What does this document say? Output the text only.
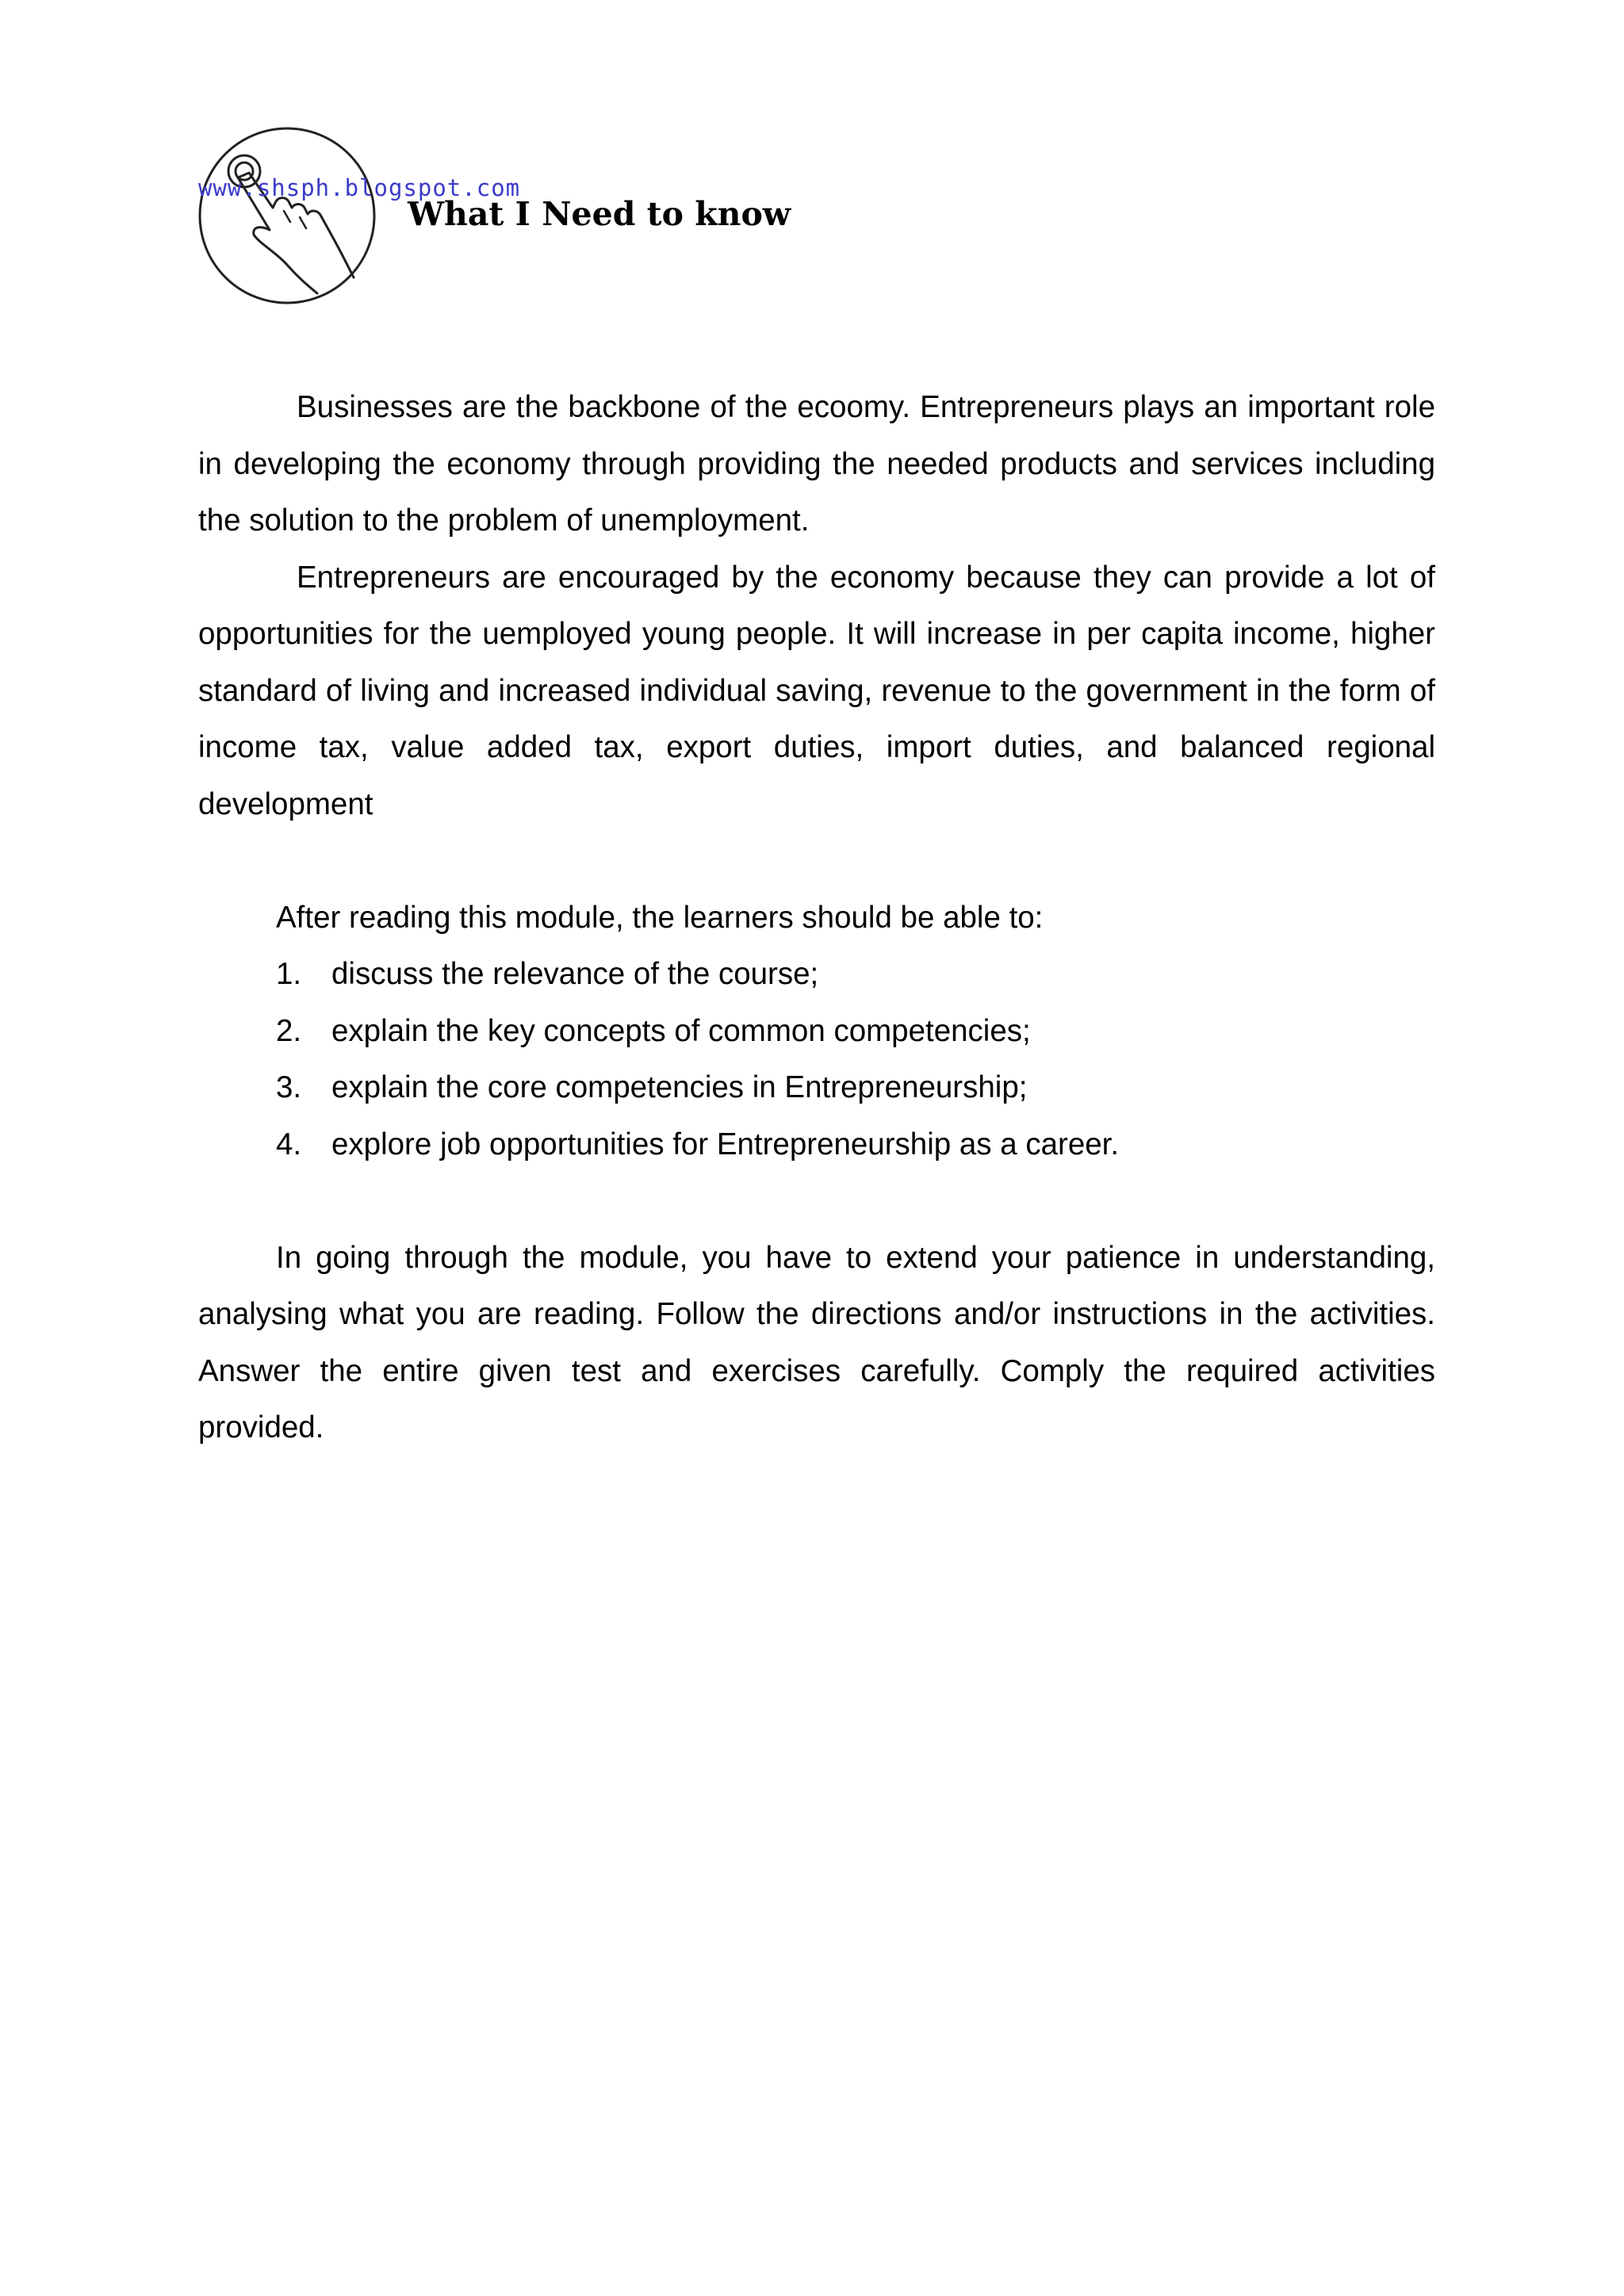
www.shsph.blogspot.com
What I Need to know

Businesses are the backbone of the ecoomy. Entrepreneurs plays an important role in developing the economy through providing the needed products and services including the solution to the problem of unemployment.

Entrepreneurs are encouraged by the economy because they can provide a lot of opportunities for the uemployed young people. It will increase in per capita income, higher standard of living and increased individual saving, revenue to the government in the form of income tax, value added tax, export duties, import duties, and balanced regional development

After reading this module, the learners should be able to:

1. discuss the relevance of the course;
2. explain the key concepts of common competencies;
3. explain the core competencies in Entrepreneurship;
4. explore job opportunities for Entrepreneurship as a career.

In going through the module, you have to extend your patience in understanding, analysing what you are reading. Follow the directions and/or instructions in the activities. Answer the entire given test and exercises carefully. Comply the required activities provided.
